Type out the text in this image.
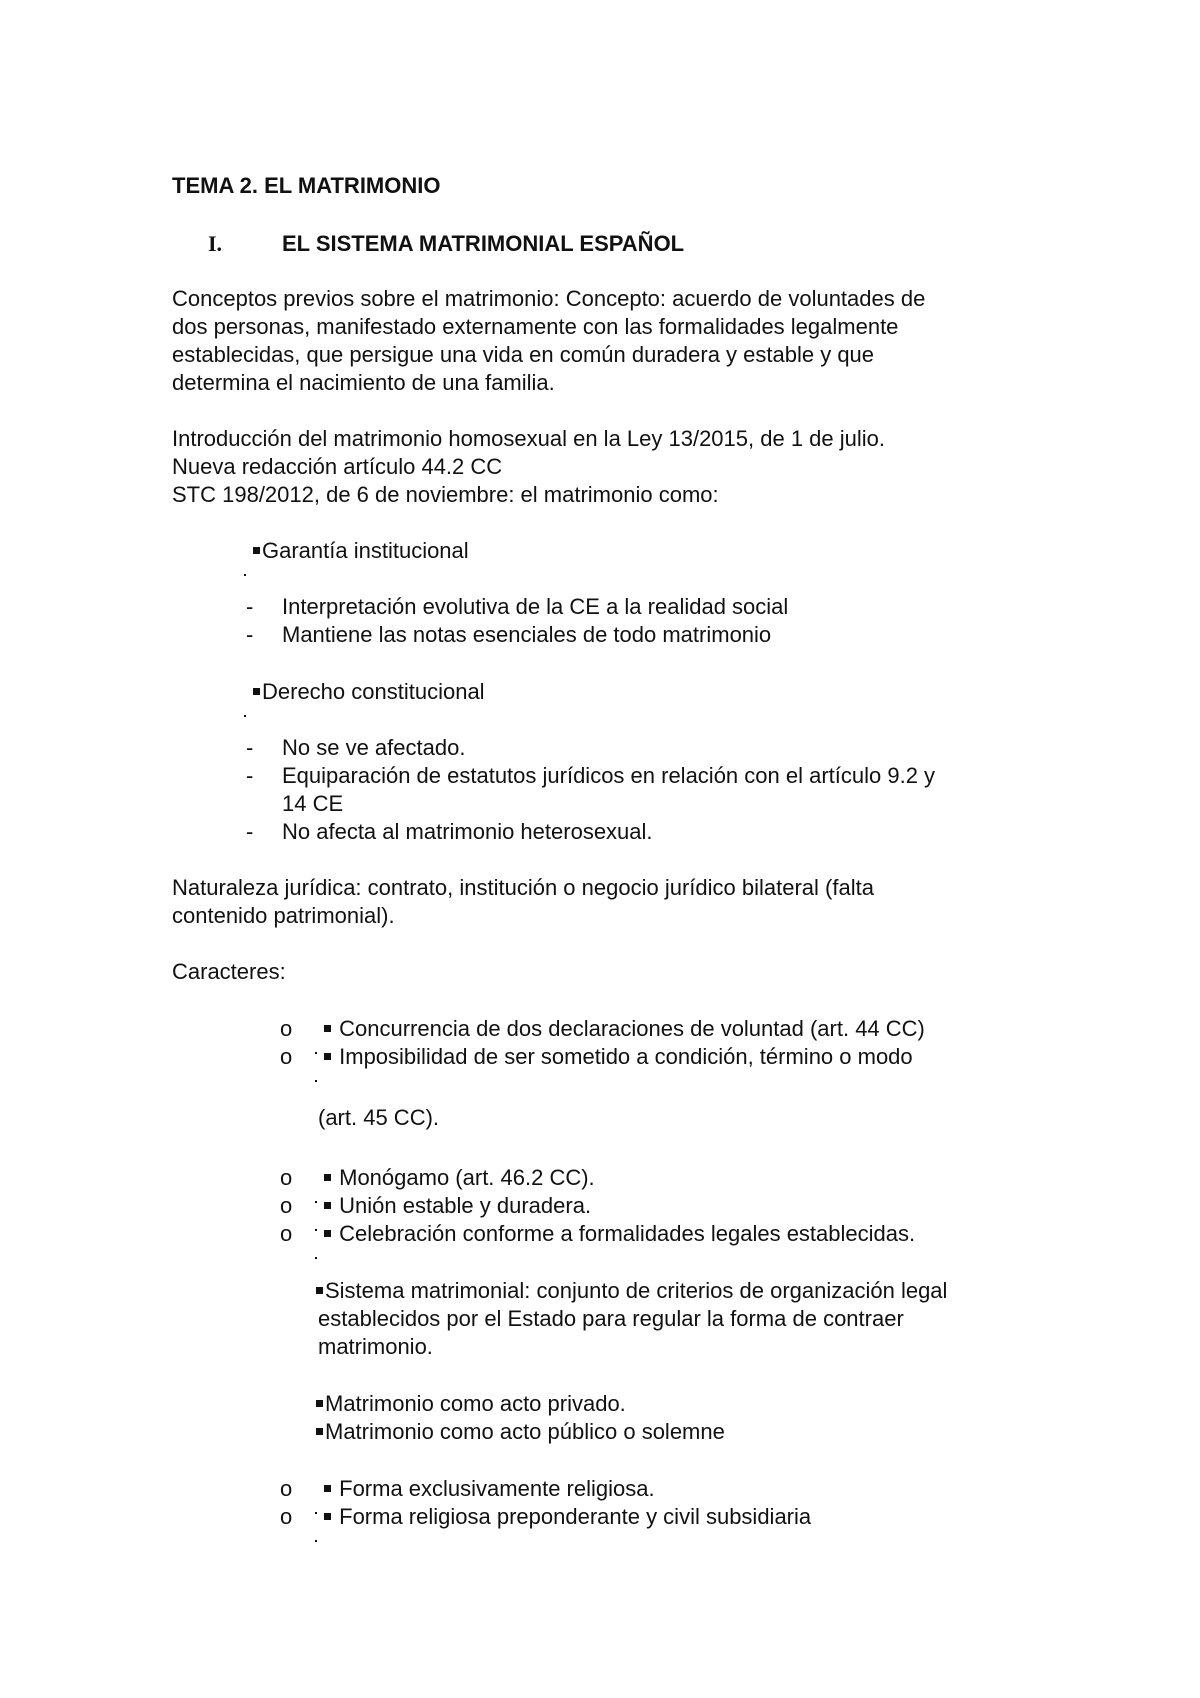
TEMA 2. EL MATRIMONIO
I.	EL SISTEMA MATRIMONIAL ESPAÑOL
Conceptos previos sobre el matrimonio: Concepto: acuerdo de voluntades de
dos personas, manifestado externamente con las formalidades legalmente
establecidas, que persigue una vida en común duradera y estable y que
determina el nacimiento de una familia.
Introducción del matrimonio homosexual en la Ley 13/2015, de 1 de julio.
Nueva redacción artículo 44.2 CC
STC 198/2012, de 6 de noviembre: el matrimonio como:
Garantía institucional
- Interpretación evolutiva de la CE a la realidad social
- Mantiene las notas esenciales de todo matrimonio
Derecho constitucional
- No se ve afectado.
- Equiparación de estatutos jurídicos en relación con el artículo 9.2 y
14 CE
- No afecta al matrimonio heterosexual.
Naturaleza jurídica: contrato, institución o negocio jurídico bilateral (falta
contenido patrimonial).
Caracteres:
o	Concurrencia de dos declaraciones de voluntad (art. 44 CC)
o	Imposibilidad de ser sometido a condición, término o modo
(art. 45 CC).
o	Monógamo (art. 46.2 CC).
o	Unión estable y duradera.
o	Celebración conforme a formalidades legales establecidas.
Sistema matrimonial: conjunto de criterios de organización legal
establecidos por el Estado para regular la forma de contraer
matrimonio.
Matrimonio como acto privado.
Matrimonio como acto público o solemne
o	Forma exclusivamente religiosa.
o	Forma religiosa preponderante y civil subsidiaria
